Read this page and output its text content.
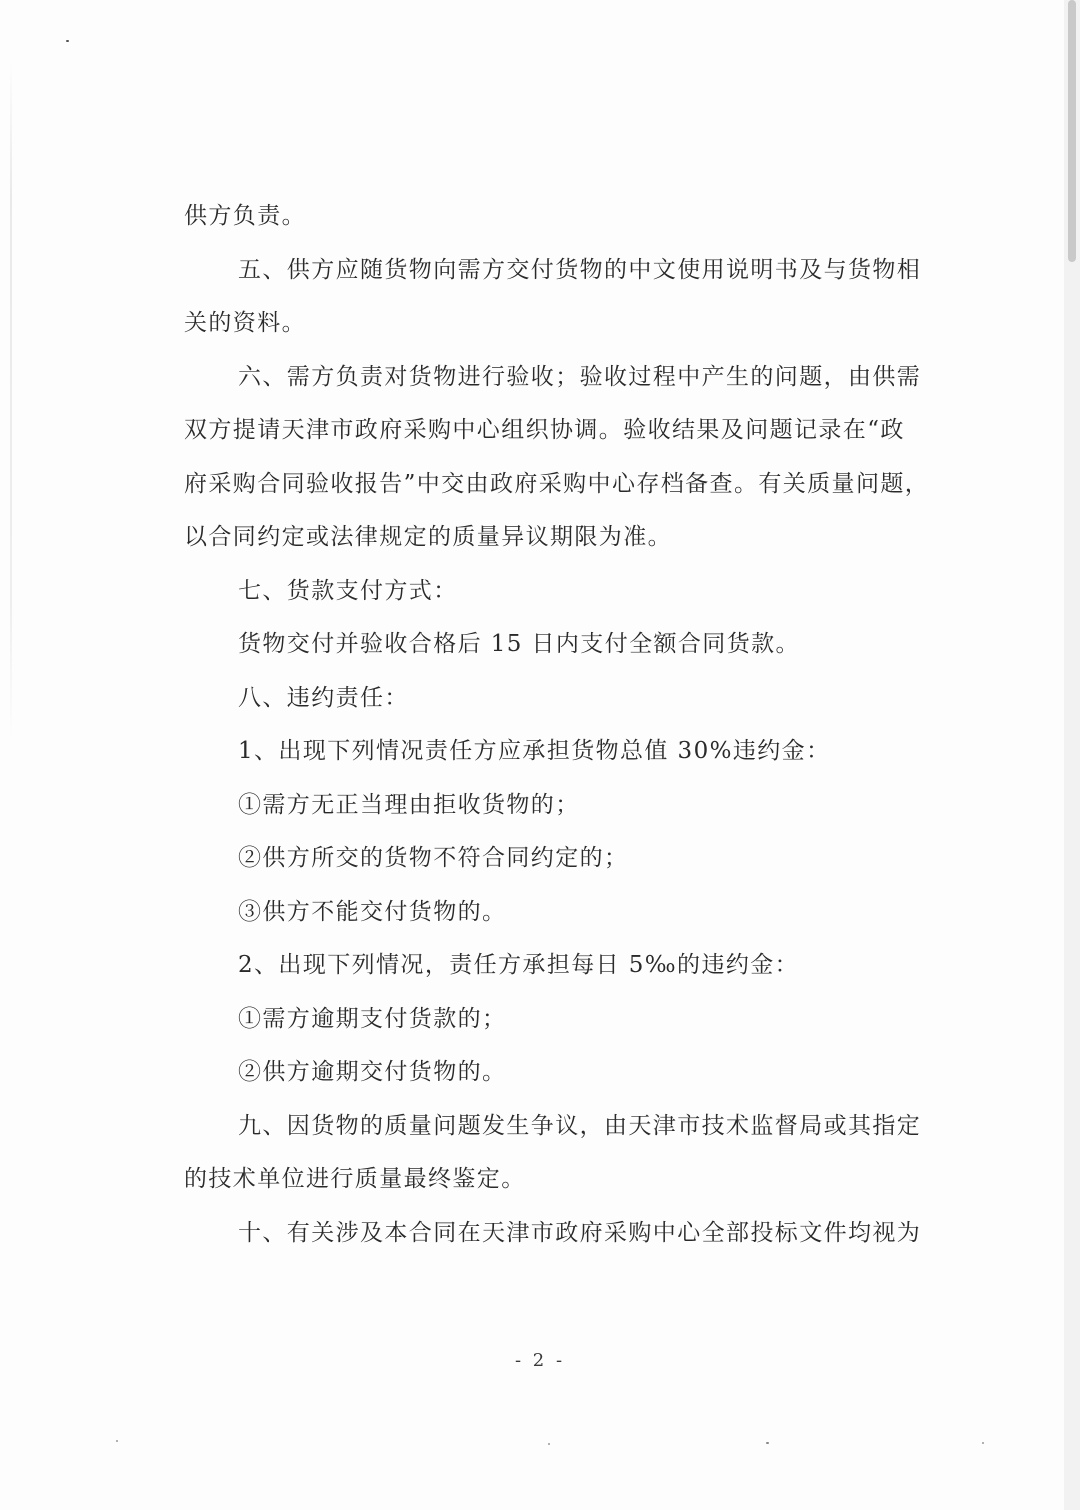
供方负责。
五、供方应随货物向需方交付货物的中文使用说明书及与货物相
关的资料。
六、需方负责对货物进行验收；验收过程中产生的问题，由供需
双方提请天津市政府采购中心组织协调。验收结果及问题记录在“政
府采购合同验收报告”中交由政府采购中心存档备查。有关质量问题，
以合同约定或法律规定的质量异议期限为准。
七、货款支付方式：
货物交付并验收合格后 15 日内支付全额合同货款。
八、违约责任：
1、出现下列情况责任方应承担货物总值 30%违约金：
①需方无正当理由拒收货物的；
②供方所交的货物不符合同约定的；
③供方不能交付货物的。
2、出现下列情况，责任方承担每日 5‰的违约金：
①需方逾期支付货款的；
②供方逾期交付货物的。
九、因货物的质量问题发生争议，由天津市技术监督局或其指定
的技术单位进行质量最终鉴定。
十、有关涉及本合同在天津市政府采购中心全部投标文件均视为
- 2 -
